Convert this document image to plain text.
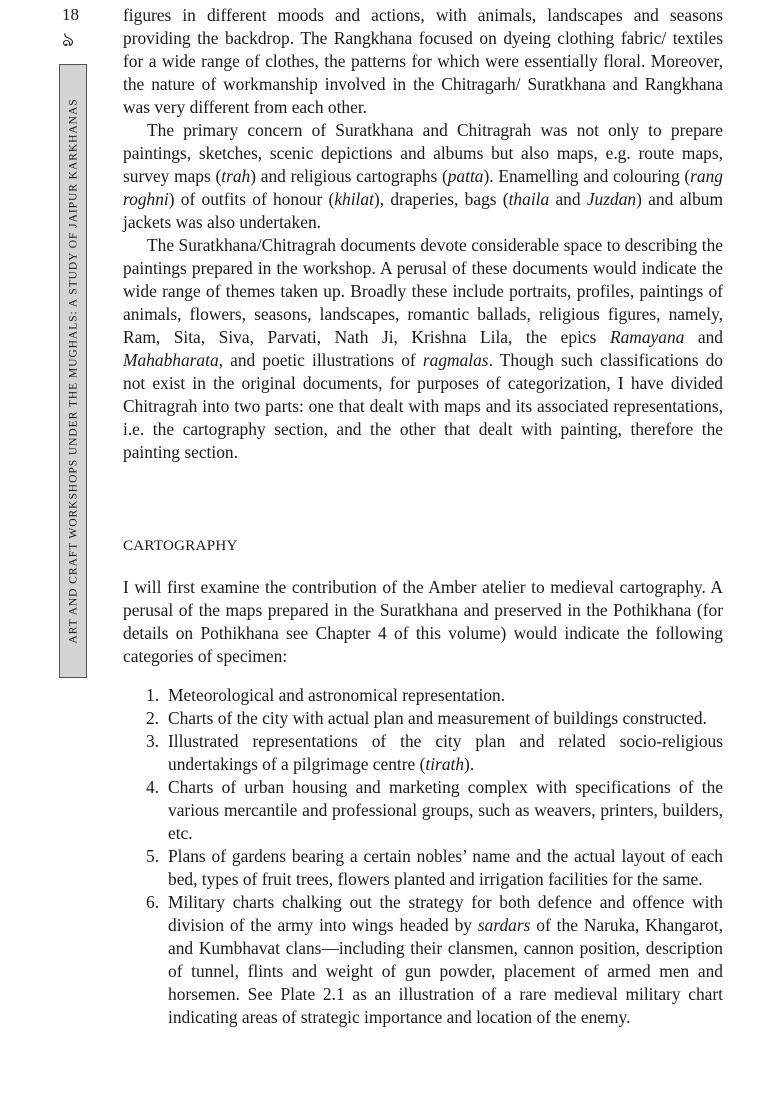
18
ঌ
ART AND CRAFT WORKSHOPS UNDER THE MUGHALS: A STUDY OF JAIPUR KARKHANAS

figures in different moods and actions, with animals, landscapes and seasons providing the backdrop. The Rangkhana focused on dyeing clothing fabric/ textiles for a wide range of clothes, the patterns for which were essentially floral. Moreover, the nature of workmanship involved in the Chitragarh/ Suratkhana and Rangkhana was very different from each other.

The primary concern of Suratkhana and Chitragrah was not only to prepare paintings, sketches, scenic depictions and albums but also maps, e.g. route maps, survey maps (trah) and religious cartographs (patta). Enamelling and colouring (rang roghni) of outfits of honour (khilat), draperies, bags (thaila and Juzdan) and album jackets was also undertaken.

The Suratkhana/Chitragrah documents devote considerable space to describing the paintings prepared in the workshop. A perusal of these documents would indicate the wide range of themes taken up. Broadly these include portraits, profiles, paintings of animals, flowers, seasons, landscapes, romantic ballads, religious figures, namely, Ram, Sita, Siva, Parvati, Nath Ji, Krishna Lila, the epics Ramayana and Mahabharata, and poetic illustrations of ragmalas. Though such classifications do not exist in the original documents, for purposes of categorization, I have divided Chitragrah into two parts: one that dealt with maps and its associated representations, i.e. the cartography section, and the other that dealt with painting, therefore the painting section.

CARTOGRAPHY

I will first examine the contribution of the Amber atelier to medieval cartography. A perusal of the maps prepared in the Suratkhana and preserved in the Pothikhana (for details on Pothikhana see Chapter 4 of this volume) would indicate the following categories of specimen:

1. Meteorological and astronomical representation.
2. Charts of the city with actual plan and measurement of buildings constructed.
3. Illustrated representations of the city plan and related socio-religious undertakings of a pilgrimage centre (tirath).
4. Charts of urban housing and marketing complex with specifications of the various mercantile and professional groups, such as weavers, printers, builders, etc.
5. Plans of gardens bearing a certain nobles’ name and the actual layout of each bed, types of fruit trees, flowers planted and irrigation facilities for the same.
6. Military charts chalking out the strategy for both defence and offence with division of the army into wings headed by sardars of the Naruka, Khangarot, and Kumbhavat clans—including their clansmen, cannon position, description of tunnel, flints and weight of gun powder, placement of armed men and horsemen. See Plate 2.1 as an illustration of a rare medieval military chart indicating areas of strategic importance and location of the enemy.
